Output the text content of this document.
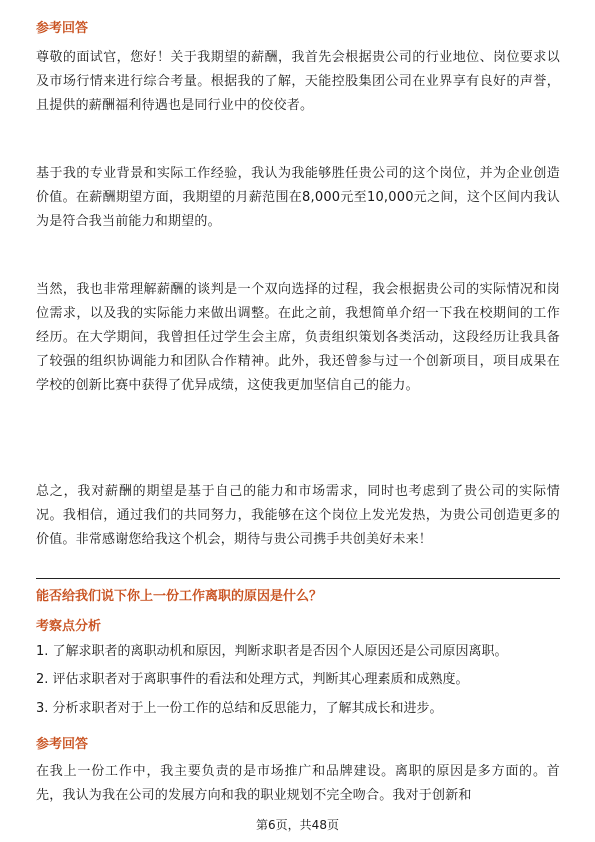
参考回答

尊敬的面试官，您好！关于我期望的薪酬，我首先会根据贵公司的行业地位、岗位要求以及市场行情来进行综合考量。根据我的了解，天能控股集团公司在业界享有良好的声誉，且提供的薪酬福利待遇也是同行业中的佼佼者。

基于我的专业背景和实际工作经验，我认为我能够胜任贵公司的这个岗位，并为企业创造价值。在薪酬期望方面，我期望的月薪范围在8,000元至10,000元之间，这个区间内我认为是符合我当前能力和期望的。

当然，我也非常理解薪酬的谈判是一个双向选择的过程，我会根据贵公司的实际情况和岗位需求，以及我的实际能力来做出调整。在此之前，我想简单介绍一下我在校期间的工作经历。在大学期间，我曾担任过学生会主席，负责组织策划各类活动，这段经历让我具备了较强的组织协调能力和团队合作精神。此外，我还曾参与过一个创新项目，项目成果在学校的创新比赛中获得了优异成绩，这使我更加坚信自己的能力。

总之，我对薪酬的期望是基于自己的能力和市场需求，同时也考虑到了贵公司的实际情况。我相信，通过我们的共同努力，我能够在这个岗位上发光发热，为贵公司创造更多的价值。非常感谢您给我这个机会，期待与贵公司携手共创美好未来！

能否给我们说下你上一份工作离职的原因是什么？

考察点分析

1. 了解求职者的离职动机和原因，判断求职者是否因个人原因还是公司原因离职。

2. 评估求职者对于离职事件的看法和处理方式，判断其心理素质和成熟度。

3. 分析求职者对于上一份工作的总结和反思能力，了解其成长和进步。

参考回答

在我上一份工作中，我主要负责的是市场推广和品牌建设。离职的原因是多方面的。首先，我认为我在公司的发展方向和我的职业规划不完全吻合。我对于创新和

第6页，共48页
